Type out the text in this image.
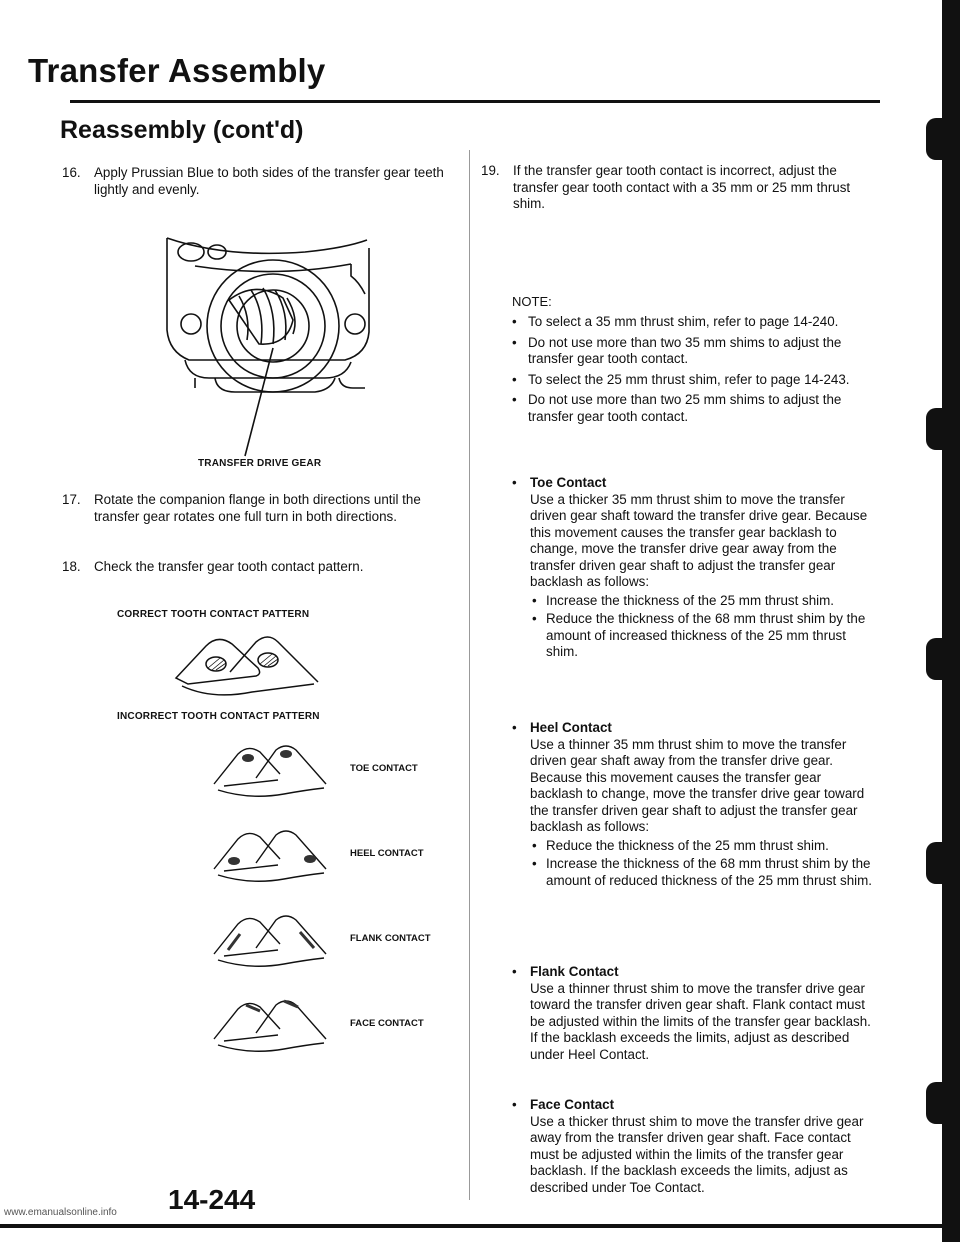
Transfer Assembly
Reassembly (cont'd)
16. Apply Prussian Blue to both sides of the transfer gear teeth lightly and evenly.
TRANSFER DRIVE GEAR
17. Rotate the companion flange in both directions until the transfer gear rotates one full turn in both directions.
18. Check the transfer gear tooth contact pattern.
CORRECT TOOTH CONTACT PATTERN
INCORRECT TOOTH CONTACT PATTERN
TOE CONTACT
HEEL CONTACT
FLANK CONTACT
FACE CONTACT
19. If the transfer gear tooth contact is incorrect, adjust the transfer gear tooth contact with a 35 mm or 25 mm thrust shim.
NOTE:
• To select a 35 mm thrust shim, refer to page 14-240.
• Do not use more than two 35 mm shims to adjust the transfer gear tooth contact.
• To select the 25 mm thrust shim, refer to page 14-243.
• Do not use more than two 25 mm shims to adjust the transfer gear tooth contact.
• Toe Contact
Use a thicker 35 mm thrust shim to move the transfer driven gear shaft toward the transfer drive gear. Because this movement causes the transfer gear backlash to change, move the transfer drive gear away from the transfer driven gear shaft to adjust the transfer gear backlash as follows:
• Increase the thickness of the 25 mm thrust shim.
• Reduce the thickness of the 68 mm thrust shim by the amount of increased thickness of the 25 mm thrust shim.
• Heel Contact
Use a thinner 35 mm thrust shim to move the transfer driven gear shaft away from the transfer drive gear. Because this movement causes the transfer gear backlash to change, move the transfer drive gear toward the transfer driven gear shaft to adjust the transfer gear backlash as follows:
• Reduce the thickness of the 25 mm thrust shim.
• Increase the thickness of the 68 mm thrust shim by the amount of reduced thickness of the 25 mm thrust shim.
• Flank Contact
Use a thinner thrust shim to move the transfer drive gear toward the transfer driven gear shaft. Flank contact must be adjusted within the limits of the transfer gear backlash. If the backlash exceeds the limits, adjust as described under Heel Contact.
• Face Contact
Use a thicker thrust shim to move the transfer drive gear away from the transfer driven gear shaft. Face contact must be adjusted within the limits of the transfer gear backlash. If the backlash exceeds the limits, adjust as described under Toe Contact.
14-244
www.emanualsonline.info
